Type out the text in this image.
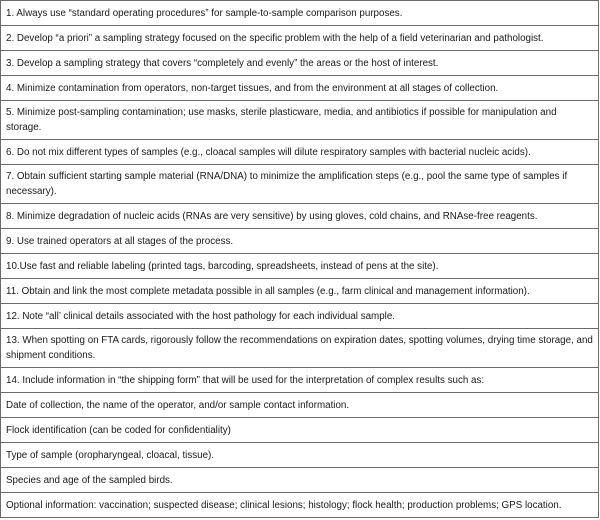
1. Always use “standard operating procedures” for sample-to-sample comparison purposes.
2. Develop “a priori” a sampling strategy focused on the specific problem with the help of a field veterinarian and pathologist.
3. Develop a sampling strategy that covers “completely and evenly” the areas or the host of interest.
4. Minimize contamination from operators, non-target tissues, and from the environment at all stages of collection.
5. Minimize post-sampling contamination; use masks, sterile plasticware, media, and antibiotics if possible for manipulation and storage.
6. Do not mix different types of samples (e.g., cloacal samples will dilute respiratory samples with bacterial nucleic acids).
7. Obtain sufficient starting sample material (RNA/DNA) to minimize the amplification steps (e.g., pool the same type of samples if necessary).
8. Minimize degradation of nucleic acids (RNAs are very sensitive) by using gloves, cold chains, and RNAse-free reagents.
9. Use trained operators at all stages of the process.
10.Use fast and reliable labeling (printed tags, barcoding, spreadsheets, instead of pens at the site).
11. Obtain and link the most complete metadata possible in all samples (e.g., farm clinical and management information).
12. Note “all’ clinical details associated with the host pathology for each individual sample.
13. When spotting on FTA cards, rigorously follow the recommendations on expiration dates, spotting volumes, drying time storage, and shipment conditions.
14. Include information in “the shipping form” that will be used for the interpretation of complex results such as:
Date of collection, the name of the operator, and/or sample contact information.
Flock identification (can be coded for confidentiality)
Type of sample (oropharyngeal, cloacal, tissue).
Species and age of the sampled birds.
Optional information: vaccination; suspected disease; clinical lesions; histology; flock health; production problems; GPS location.
